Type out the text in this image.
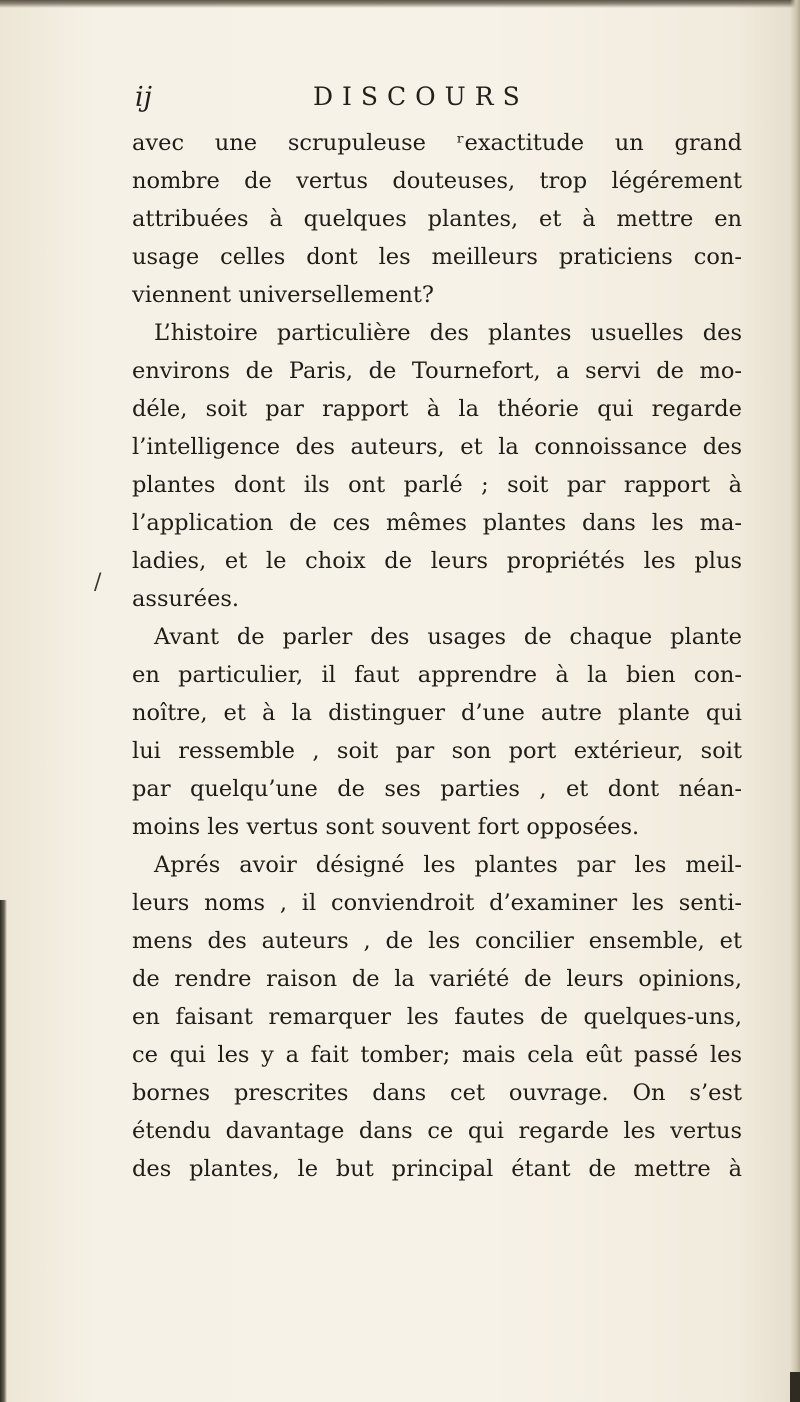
ij	DISCOURS
/
avec une scrupuleuse ʳexactitude un grand
nombre de vertus douteuses, trop légérement
attribuées à quelques plantes, et à mettre en
usage celles dont les meilleurs praticiens con-
viennent universellement?
L’histoire particulière des plantes usuelles des
environs de Paris, de Tournefort, a servi de mo-
déle, soit par rapport à la théorie qui regarde
l’intelligence des auteurs, et la connoissance des
plantes dont ils ont parlé ; soit par rapport à
l’application de ces mêmes plantes dans les ma-
ladies, et le choix de leurs propriétés les plus
assurées.
Avant de parler des usages de chaque plante
en particulier, il faut apprendre à la bien con-
noître, et à la distinguer d’une autre plante qui
lui ressemble , soit par son port extérieur, soit
par quelqu’une de ses parties , et dont néan-
moins les vertus sont souvent fort opposées.
Aprés avoir désigné les plantes par les meil-
leurs noms , il conviendroit d’examiner les senti-
mens des auteurs , de les concilier ensemble, et
de rendre raison de la variété de leurs opinions,
en faisant remarquer les fautes de quelques-uns,
ce qui les y a fait tomber; mais cela eût passé les
bornes prescrites dans cet ouvrage. On s’est
étendu davantage dans ce qui regarde les vertus
des plantes, le but principal étant de mettre à
